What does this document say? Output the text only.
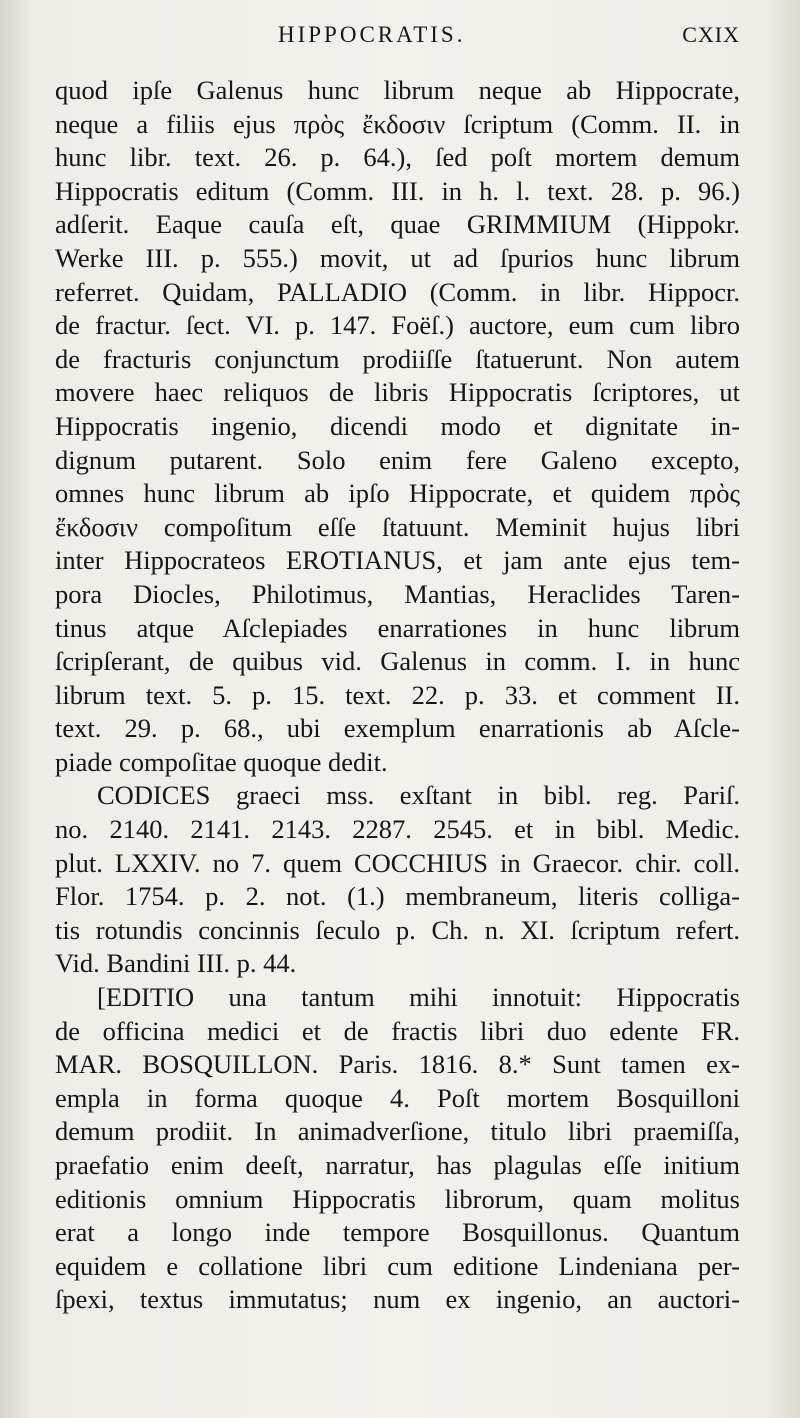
HIPPOCRATIS.	CXIX
quod ipſe Galenus hunc librum neque ab Hippocrate,
neque a filiis ejus πρὸς ἔκδοσιν ſcriptum (Comm. II. in
hunc libr. text. 26. p. 64.), ſed poſt mortem demum
Hippocratis editum (Comm. III. in h. l. text. 28. p. 96.)
adſerit. Eaque cauſa eſt, quae GRIMMIUM (Hippokr.
Werke III. p. 555.) movit, ut ad ſpurios hunc librum
referret. Quidam, PALLADIO (Comm. in libr. Hippocr.
de fractur. ſect. VI. p. 147. Foëſ.) auctore, eum cum libro
de fracturis conjunctum prodiiſſe ſtatuerunt. Non autem
movere haec reliquos de libris Hippocratis ſcriptores, ut
Hippocratis ingenio, dicendi modo et dignitate in-
dignum putarent. Solo enim fere Galeno excepto,
omnes hunc librum ab ipſo Hippocrate, et quidem πρὸς
ἔκδοσιν compoſitum eſſe ſtatuunt. Meminit hujus libri
inter Hippocrateos EROTIANUS, et jam ante ejus tem-
pora Diocles, Philotimus, Mantias, Heraclides Taren-
tinus atque Aſclepiades enarrationes in hunc librum
ſcripſerant, de quibus vid. Galenus in comm. I. in hunc
librum text. 5. p. 15. text. 22. p. 33. et comment II.
text. 29. p. 68., ubi exemplum enarrationis ab Aſcle-
piade compoſitae quoque dedit.
CODICES graeci mss. exſtant in bibl. reg. Pariſ.
no. 2140. 2141. 2143. 2287. 2545. et in bibl. Medic.
plut. LXXIV. no 7. quem COCCHIUS in Graecor. chir. coll.
Flor. 1754. p. 2. not. (1.) membraneum, literis colliga-
tis rotundis concinnis ſeculo p. Ch. n. XI. ſcriptum refert.
Vid. Bandini III. p. 44.
[EDITIO una tantum mihi innotuit: Hippocratis
de officina medici et de fractis libri duo edente FR.
MAR. BOSQUILLON. Paris. 1816. 8.* Sunt tamen ex-
empla in forma quoque 4. Poſt mortem Bosquilloni
demum prodiit. In animadverſione, titulo libri praemiſſa,
praefatio enim deeſt, narratur, has plagulas eſſe initium
editionis omnium Hippocratis librorum, quam molitus
erat a longo inde tempore Bosquillonus. Quantum
equidem e collatione libri cum editione Lindeniana per-
ſpexi, textus immutatus; num ex ingenio, an auctori-
